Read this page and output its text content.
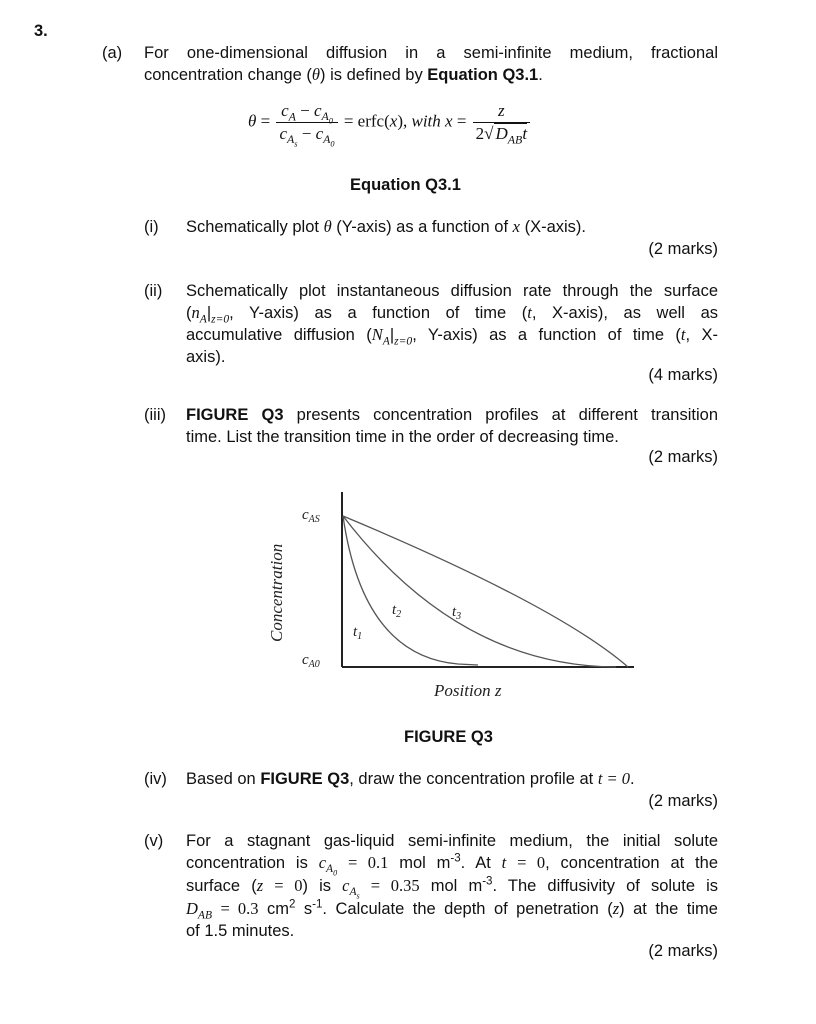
3.
(a) For one-dimensional diffusion in a semi-infinite medium, fractional
concentration change (θ) is defined by Equation Q3.1.
$\theta = \frac{c_A - c_{A_0}}{c_{A_s} - c_{A_0}}$ = erfc(x), with $x = \frac{z}{2√ D_{AB}t}$
Equation Q3.1
(i) Schematically plot θ (Y-axis) as a function of x (X-axis).
(2 marks)
(ii) Schematically plot instantaneous diffusion rate through the surface
($n_A|_{z=0}$, Y-axis) as a function of time (t, X-axis), as well as
accumulative diffusion ($N_A|_{z=0}$, Y-axis) as a function of time (t, X-
axis).
(4 marks)
(iii) FIGURE Q3 presents concentration profiles at different transition
time. List the transition time in the order of decreasing time.
(2 marks)
$c_{AS}$
$c_{A0}$
$t_1$
$t_2$	$t_3$
Concentration
Position z
FIGURE Q3
(iv) Based on FIGURE Q3, draw the concentration profile at t = 0.
(2 marks)
(v) For a stagnant gas-liquid semi-infinite medium, the initial solute
concentration is $c_{A_0} = 0.1$ mol $m^{-3}$. At t = 0, concentration at the
surface (z = 0) is $c_{A_s} = 0.35$ mol $m^{-3}$. The diffusivity of solute is
$D_{AB} = 0.3$ $cm^2$ $s^{-1}$. Calculate the depth of penetration (z) at the time
of 1.5 minutes.
(2 marks)
